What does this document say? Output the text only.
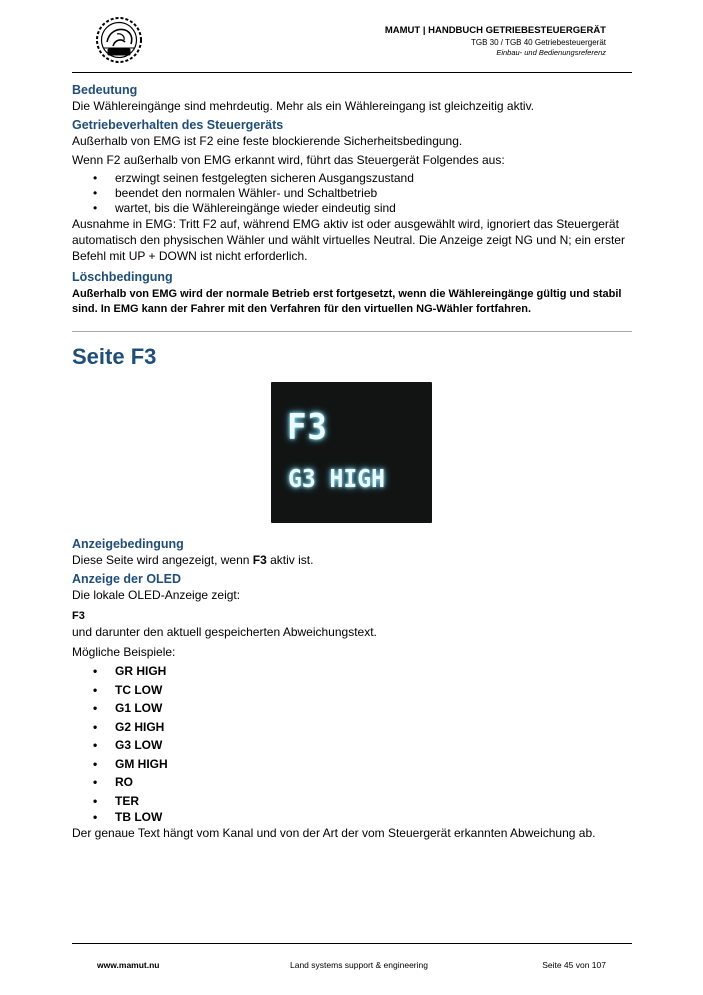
MAMUT | HANDBUCH GETRIEBESTEUERGERÄT
TGB 30 / TGB 40 Getriebesteuergerät
Einbau- und Bedienungsreferenz
Bedeutung

Die Wählereingänge sind mehrdeutig. Mehr als ein Wählereingang ist gleichzeitig aktiv.

Getriebeverhalten des Steuergeräts

Außerhalb von EMG ist F2 eine feste blockierende Sicherheitsbedingung.

Wenn F2 außerhalb von EMG erkannt wird, führt das Steuergerät Folgendes aus:

• erzwingt seinen festgelegten sicheren Ausgangszustand
• beendet den normalen Wähler- und Schaltbetrieb
• wartet, bis die Wählereingänge wieder eindeutig sind

Ausnahme in EMG: Tritt F2 auf, während EMG aktiv ist oder ausgewählt wird, ignoriert das Steuergerät automatisch den physischen Wähler und wählt virtuelles Neutral. Die Anzeige zeigt NG und N; ein erster Befehl mit UP + DOWN ist nicht erforderlich.

Löschbedingung

Außerhalb von EMG wird der normale Betrieb erst fortgesetzt, wenn die Wählereingänge gültig und stabil sind. In EMG kann der Fahrer mit den Verfahren für den virtuellen NG-Wähler fortfahren.

Seite F3
F3
G3 HIGH
Anzeigebedingung

Diese Seite wird angezeigt, wenn F3 aktiv ist.

Anzeige der OLED

Die lokale OLED-Anzeige zeigt:

F3

und darunter den aktuell gespeicherten Abweichungstext.

Mögliche Beispiele:

• GR HIGH
• TC LOW
• G1 LOW
• G2 HIGH
• G3 LOW
• GM HIGH
• RO
• TER
• TB LOW

Der genaue Text hängt vom Kanal und von der Art der vom Steuergerät erkannten Abweichung ab.

www.mamut.nu	Land systems support & engineering	Seite 45 von 107
